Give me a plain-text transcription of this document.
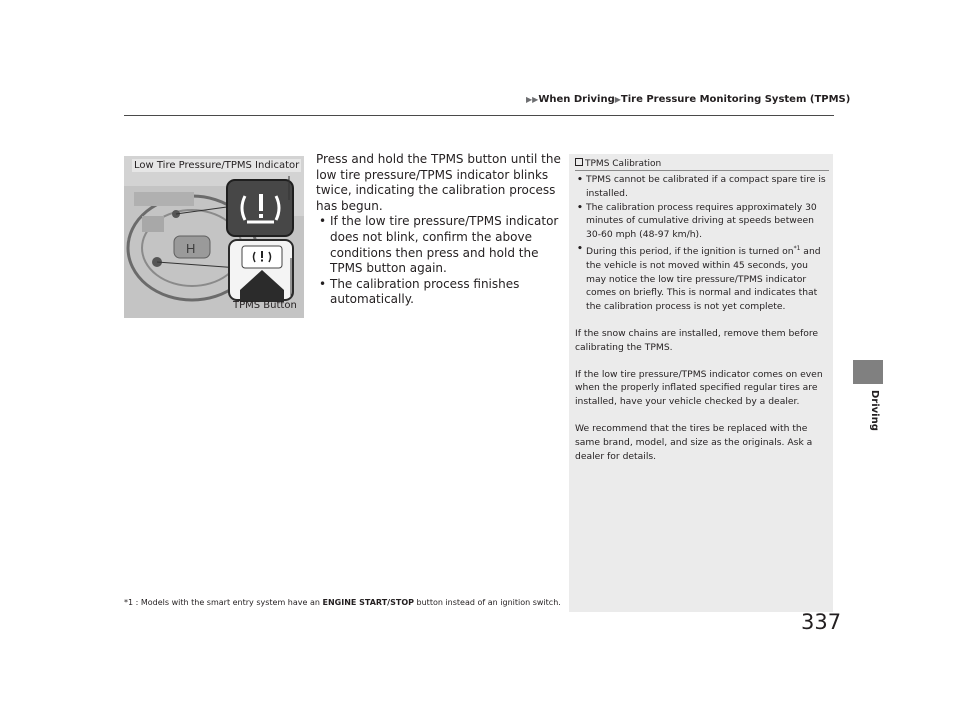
▶▶When Driving▶Tire Pressure Monitoring System (TPMS)
Driving
H
Low Tire Pressure/TPMS Indicator
TPMS Button

Press and hold the TPMS button until the low tire pressure/TPMS indicator blinks twice, indicating the calibration process has begun.

• If the low tire pressure/TPMS indicator does not blink, confirm the above conditions then press and hold the TPMS button again.
• The calibration process finishes automatically.
TPMS Calibration
• TPMS cannot be calibrated if a compact spare tire is installed.
• The calibration process requires approximately 30 minutes of cumulative driving at speeds between 30-60 mph (48-97 km/h).
• During this period, if the ignition is turned $on^{*1}$ and the vehicle is not moved within 45 seconds, you may notice the low tire pressure/TPMS indicator comes on briefly. This is normal and indicates that the calibration process is not yet complete.

If the snow chains are installed, remove them before calibrating the TPMS.

If the low tire pressure/TPMS indicator comes on even when the properly inflated specified regular tires are installed, have your vehicle checked by a dealer.

We recommend that the tires be replaced with the same brand, model, and size as the originals. Ask a dealer for details.

*1 : Models with the smart entry system have an ENGINE START/STOP button instead of an ignition switch.
337
